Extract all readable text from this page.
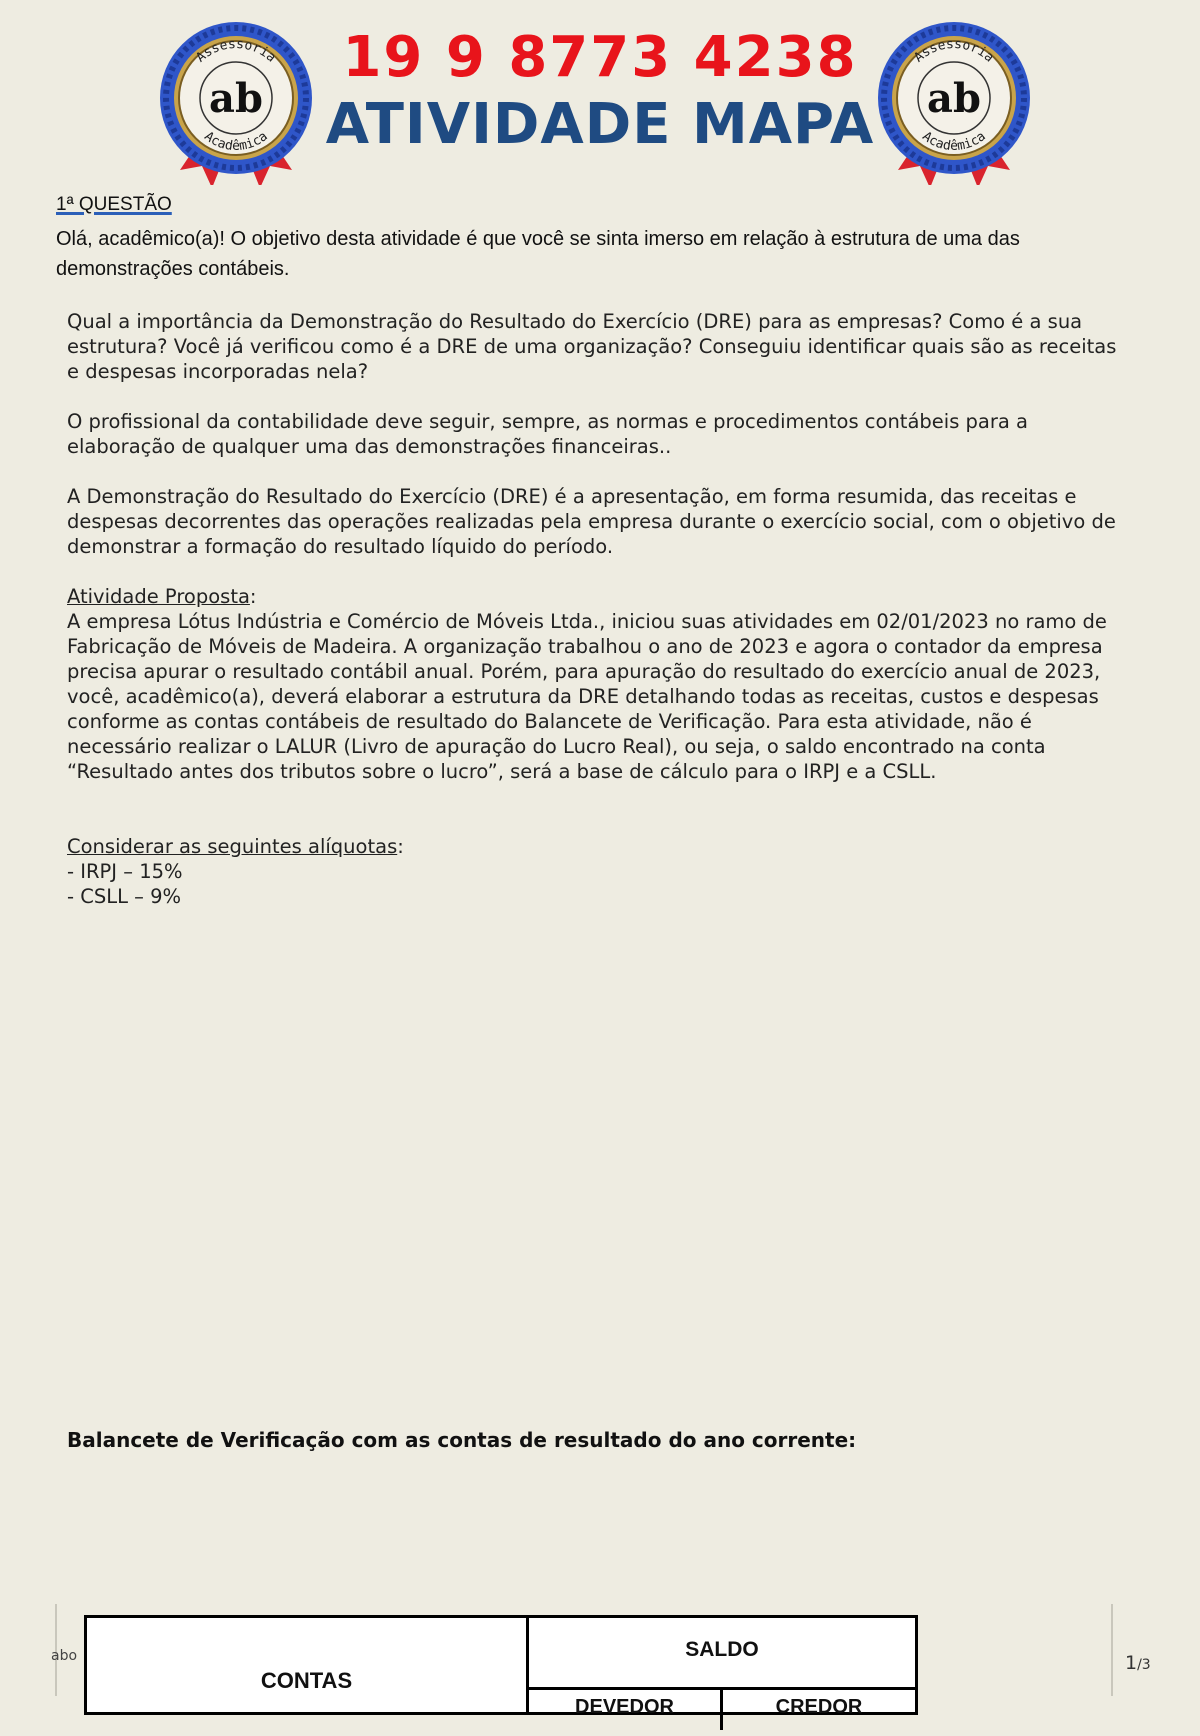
ab
Assessoria
Acadêmica
19 9 8773 4238
ATIVIDADE MAPA	ab
Assessoria
Acadêmica
1ª QUESTÃO
Olá, acadêmico(a)! O objetivo desta atividade é que você se sinta imerso em relação à estrutura de uma das demonstrações contábeis.
Qual a importância da Demonstração do Resultado do Exercício (DRE) para as empresas? Como é a sua estrutura? Você já verificou como é a DRE de uma organização? Conseguiu identificar quais são as receitas e despesas incorporadas nela?
O profissional da contabilidade deve seguir, sempre, as normas e procedimentos contábeis para a elaboração de qualquer uma das demonstrações financeiras..
A Demonstração do Resultado do Exercício (DRE) é a apresentação, em forma resumida, das receitas e despesas decorrentes das operações realizadas pela empresa durante o exercício social, com o objetivo de demonstrar a formação do resultado líquido do período.

Atividade Proposta:

A empresa Lótus Indústria e Comércio de Móveis Ltda., iniciou suas atividades em 02/01/2023 no ramo de Fabricação de Móveis de Madeira. A organização trabalhou o ano de 2023 e agora o contador da empresa precisa apurar o resultado contábil anual. Porém, para apuração do resultado do exercício anual de 2023, você, acadêmico(a), deverá elaborar a estrutura da DRE detalhando todas as receitas, custos e despesas conforme as contas contábeis de resultado do Balancete de Verificação. Para esta atividade, não é necessário realizar o LALUR (Livro de apuração do Lucro Real), ou seja, o saldo encontrado na conta “Resultado antes dos tributos sobre o lucro”, será a base de cálculo para o IRPJ e a CSLL.

Considerar as seguintes alíquotas:

- IRPJ – 15%

- CSLL – 9%

Balancete de Verificação com as contas de resultado do ano corrente:
abo
CONTAS
SALDO
DEVEDOR	CREDOR
1/3
